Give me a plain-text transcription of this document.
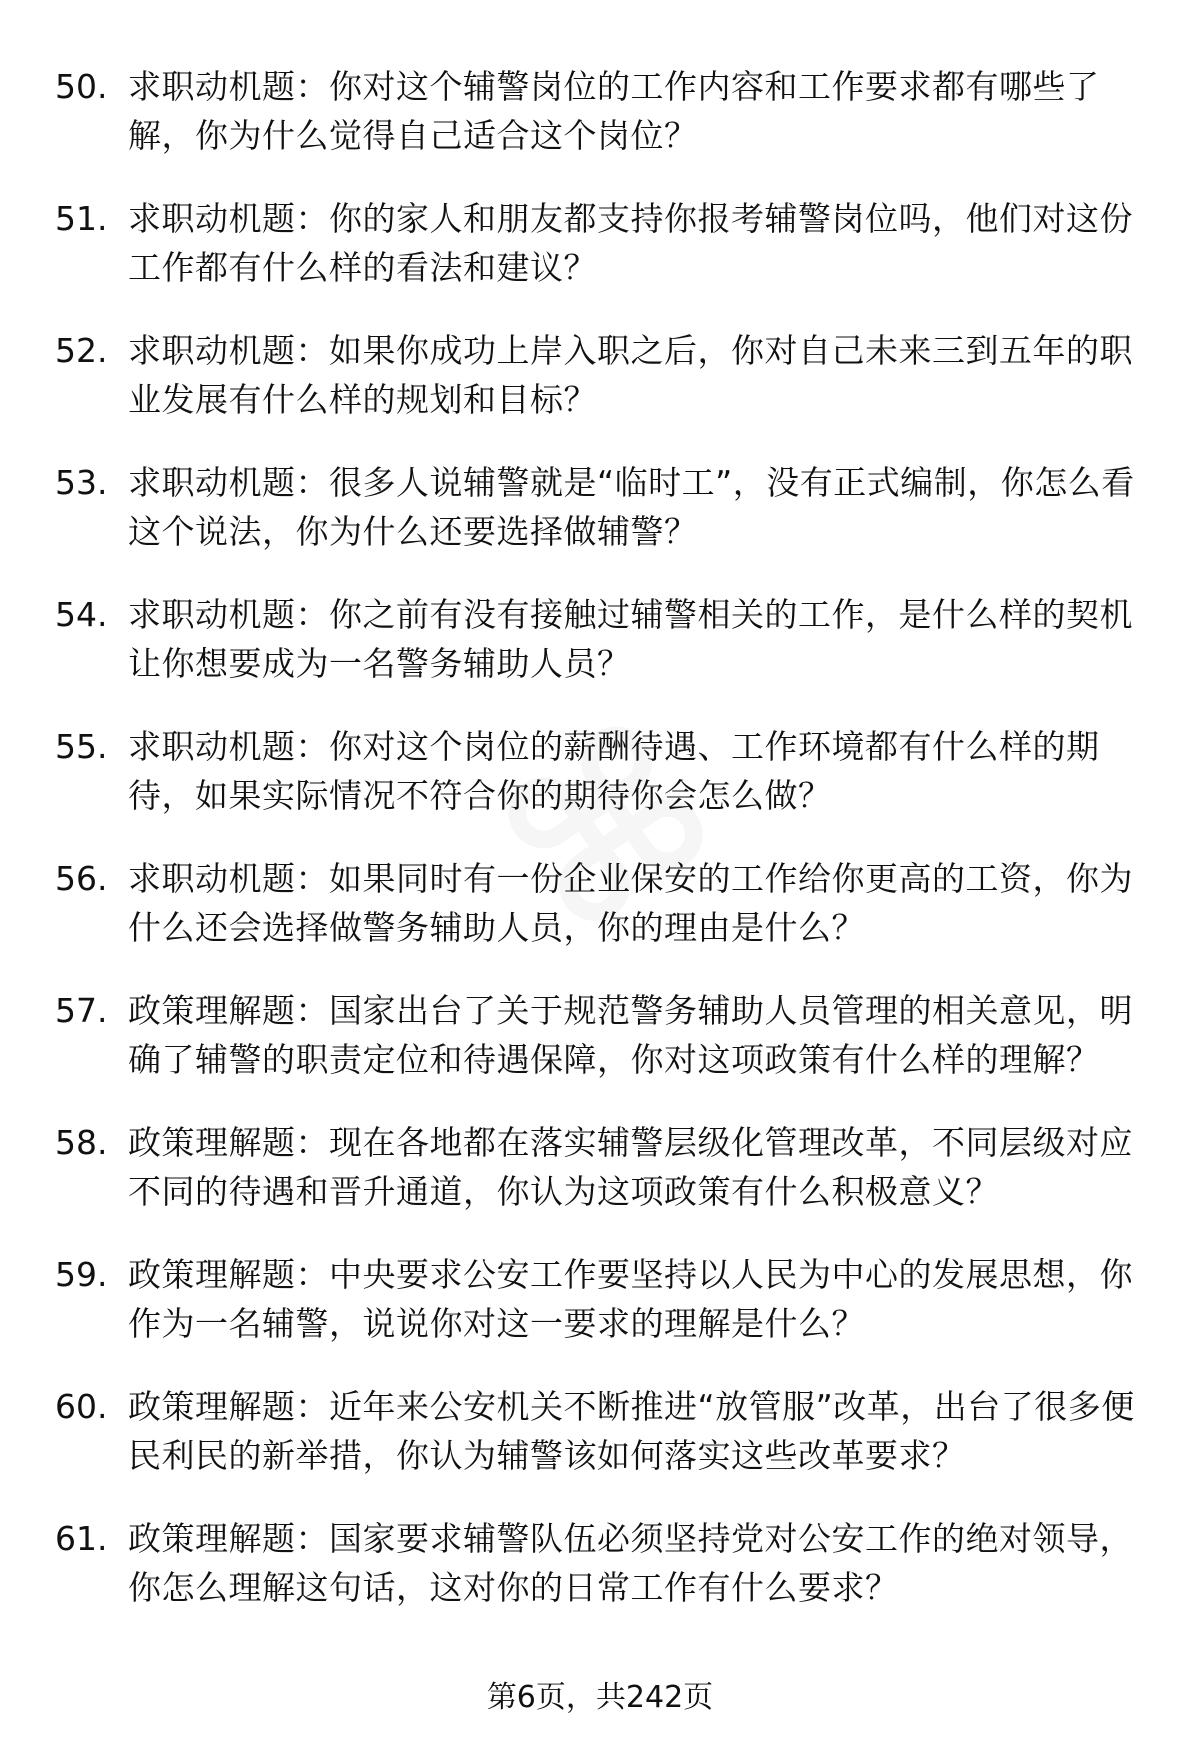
50. 求职动机题：你对这个辅警岗位的工作内容和工作要求都有哪些了解，你为什么觉得自己适合这个岗位？
51. 求职动机题：你的家人和朋友都支持你报考辅警岗位吗，他们对这份工作都有什么样的看法和建议？
52. 求职动机题：如果你成功上岸入职之后，你对自己未来三到五年的职业发展有什么样的规划和目标？
53. 求职动机题：很多人说辅警就是“临时工”，没有正式编制，你怎么看这个说法，你为什么还要选择做辅警？
54. 求职动机题：你之前有没有接触过辅警相关的工作，是什么样的契机让你想要成为一名警务辅助人员？
55. 求职动机题：你对这个岗位的薪酬待遇、工作环境都有什么样的期待，如果实际情况不符合你的期待你会怎么做？
56. 求职动机题：如果同时有一份企业保安的工作给你更高的工资，你为什么还会选择做警务辅助人员，你的理由是什么？
57. 政策理解题：国家出台了关于规范警务辅助人员管理的相关意见，明确了辅警的职责定位和待遇保障，你对这项政策有什么样的理解？
58. 政策理解题：现在各地都在落实辅警层级化管理改革，不同层级对应不同的待遇和晋升通道，你认为这项政策有什么积极意义？
59. 政策理解题：中央要求公安工作要坚持以人民为中心的发展思想，你作为一名辅警，说说你对这一要求的理解是什么？
60. 政策理解题：近年来公安机关不断推进“放管服”改革，出台了很多便民利民的新举措，你认为辅警该如何落实这些改革要求？
61. 政策理解题：国家要求辅警队伍必须坚持党对公安工作的绝对领导，你怎么理解这句话，这对你的日常工作有什么要求？
第6页，共242页
